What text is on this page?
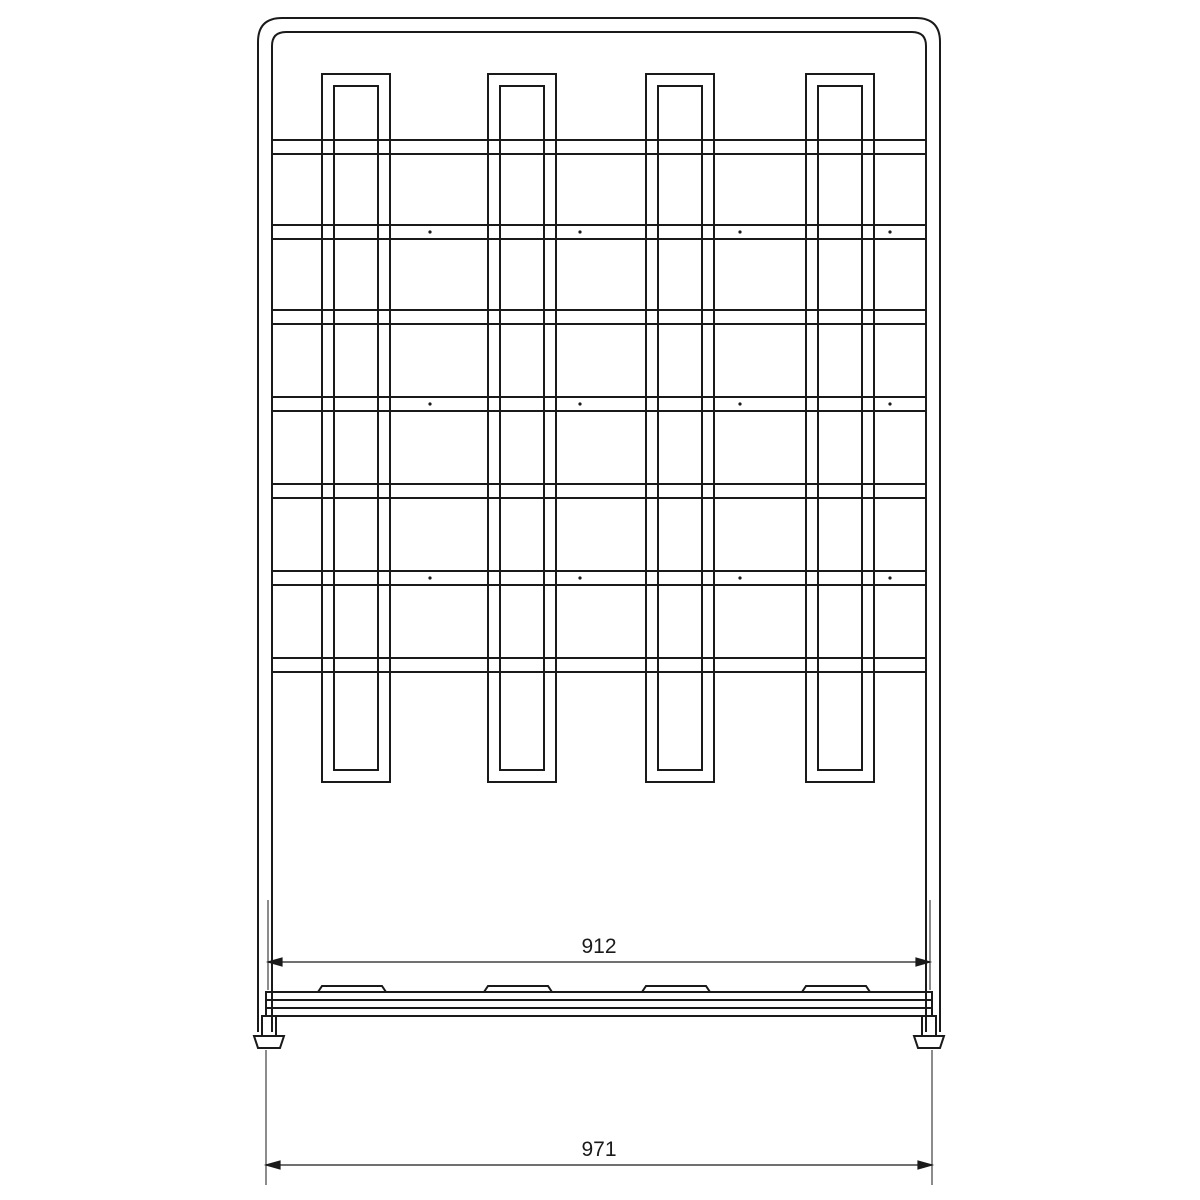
912
971
